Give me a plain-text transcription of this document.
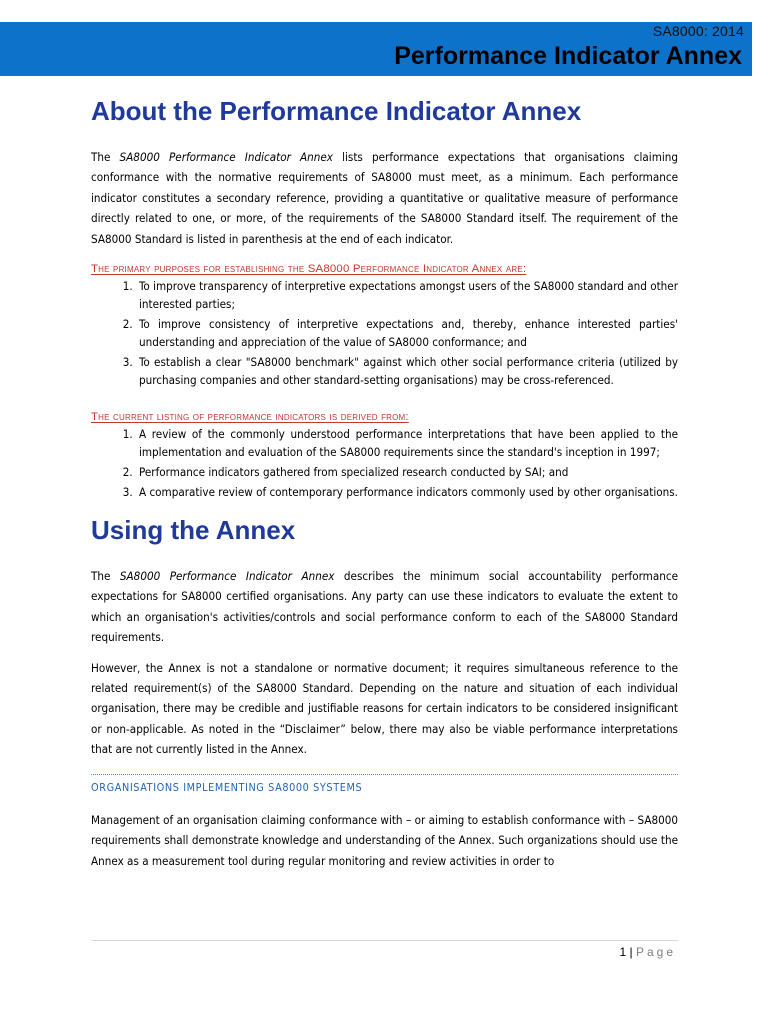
SA8000: 2014
Performance Indicator Annex
About the Performance Indicator Annex

The SA8000 Performance Indicator Annex lists performance expectations that organisations claiming conformance with the normative requirements of SA8000 must meet, as a minimum. Each performance indicator constitutes a secondary reference, providing a quantitative or qualitative measure of performance directly related to one, or more, of the requirements of the SA8000 Standard itself. The requirement of the SA8000 Standard is listed in parenthesis at the end of each indicator.

The primary purposes for establishing the SA8000 Performance Indicator Annex are:
1. To improve transparency of interpretive expectations amongst users of the SA8000 standard and other interested parties;
2. To improve consistency of interpretive expectations and, thereby, enhance interested parties' understanding and appreciation of the value of SA8000 conformance; and
3. To establish a clear "SA8000 benchmark" against which other social performance criteria (utilized by purchasing companies and other standard-setting organisations) may be cross-referenced.
The current listing of performance indicators is derived from:
1. A review of the commonly understood performance interpretations that have been applied to the implementation and evaluation of the SA8000 requirements since the standard's inception in 1997;
2. Performance indicators gathered from specialized research conducted by SAI; and
3. A comparative review of contemporary performance indicators commonly used by other organisations.
Using the Annex

The SA8000 Performance Indicator Annex describes the minimum social accountability performance expectations for SA8000 certified organisations. Any party can use these indicators to evaluate the extent to which an organisation's activities/controls and social performance conform to each of the SA8000 Standard requirements.

However, the Annex is not a standalone or normative document; it requires simultaneous reference to the related requirement(s) of the SA8000 Standard. Depending on the nature and situation of each individual organisation, there may be credible and justifiable reasons for certain indicators to be considered insignificant or non-applicable. As noted in the “Disclaimer” below, there may also be viable performance interpretations that are not currently listed in the Annex.

ORGANISATIONS IMPLEMENTING SA8000 SYSTEMS

Management of an organisation claiming conformance with – or aiming to establish conformance with – SA8000 requirements shall demonstrate knowledge and understanding of the Annex. Such organizations should use the Annex as a measurement tool during regular monitoring and review activities in order to

1 | Page
